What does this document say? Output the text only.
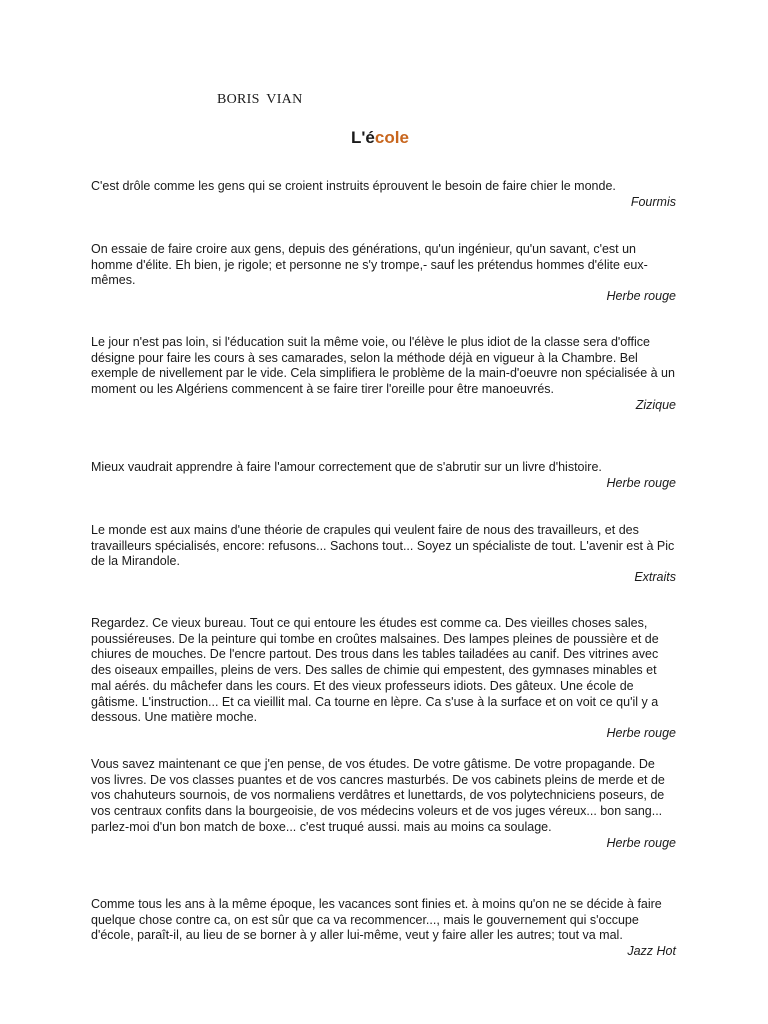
BORIS VIAN
L'école

C'est drôle comme les gens qui se croient instruits éprouvent le besoin de faire chier le monde.

Fourmis

On essaie de faire croire aux gens, depuis des générations, qu'un ingénieur, qu'un savant, c'est un homme d'élite. Eh bien, je rigole; et personne ne s'y trompe,- sauf les prétendus hommes d'élite eux-mêmes.

Herbe rouge

Le jour n'est pas loin, si l'éducation suit la même voie, ou l'élève le plus idiot de la classe sera d'office désigne pour faire les cours à ses camarades, selon la méthode déjà en vigueur à la Chambre. Bel exemple de nivellement par le vide. Cela simplifiera le problème de la main-d'oeuvre non spécialisée à un moment ou les Algériens commencent à se faire tirer l'oreille pour être manoeuvrés.

Zizique

Mieux vaudrait apprendre à faire l'amour correctement que de s'abrutir sur un livre d'histoire.

Herbe rouge

Le monde est aux mains d'une théorie de crapules qui veulent faire de nous des travailleurs, et des travailleurs spécialisés, encore: refusons... Sachons tout... Soyez un spécialiste de tout. L'avenir est à Pic de la Mirandole.

Extraits

Regardez. Ce vieux bureau. Tout ce qui entoure les études est comme ca. Des vieilles choses sales, poussiéreuses. De la peinture qui tombe en croûtes malsaines. Des lampes pleines de poussière et de chiures de mouches. De l'encre partout. Des trous dans les tables tailadées au canif. Des vitrines avec des oiseaux empailles, pleins de vers. Des salles de chimie qui empestent, des gymnases minables et mal aérés. du mâchefer dans les cours. Et des vieux professeurs idiots. Des gâteux. Une école de gâtisme. L'instruction... Et ca vieillit mal. Ca tourne en lèpre. Ca s'use à la surface et on voit ce qu'il y a dessous. Une matière moche.

Herbe rouge

Vous savez maintenant ce que j'en pense, de vos études. De votre gâtisme. De votre propagande. De vos livres. De vos classes puantes et de vos cancres masturbés. De vos cabinets pleins de merde et de vos chahuteurs sournois, de vos normaliens verdâtres et lunettards, de vos polytechniciens poseurs, de vos centraux confits dans la bourgeoisie, de vos médecins voleurs et de vos juges véreux... bon sang... parlez-moi d'un bon match de boxe... c'est truqué aussi. mais au moins ca soulage.

Herbe rouge

Comme tous les ans à la même époque, les vacances sont finies et. à moins qu'on ne se décide à faire quelque chose contre ca, on est sûr que ca va recommencer..., mais le gouvernement qui s'occupe d'école, paraît-il, au lieu de se borner à y aller lui-même, veut y faire aller les autres; tout va mal.

Jazz Hot
